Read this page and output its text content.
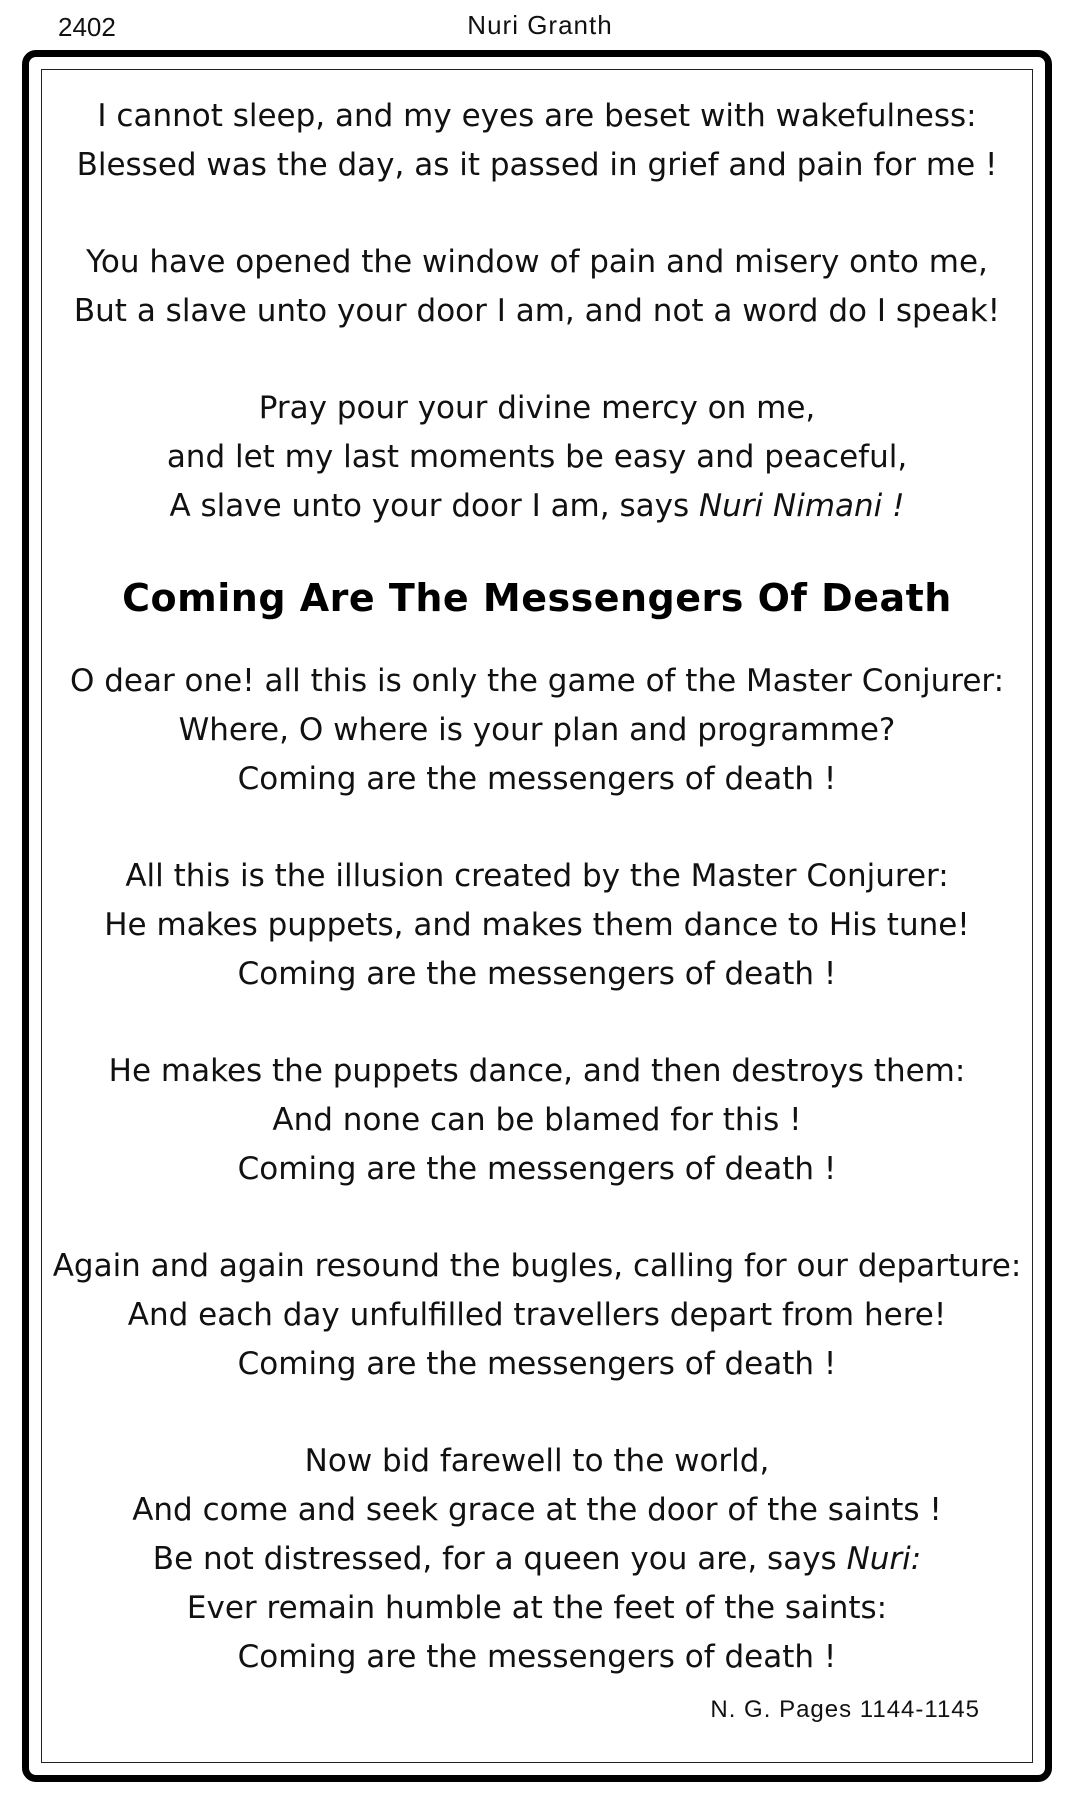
2402	Nuri Granth
I cannot sleep, and my eyes are beset with wakefulness:
Blessed was the day, as it passed in grief and pain for me !
You have opened the window of pain and misery onto me,
But a slave unto your door I am, and not a word do I speak!
Pray pour your divine mercy on me,
and let my last moments be easy and peaceful,
A slave unto your door I am, says Nuri Nimani !
Coming Are The Messengers Of Death
O dear one! all this is only the game of the Master Conjurer:
Where, O where is your plan and programme?
Coming are the messengers of death !
All this is the illusion created by the Master Conjurer:
He makes puppets, and makes them dance to His tune!
Coming are the messengers of death !
He makes the puppets dance, and then destroys them:
And none can be blamed for this !
Coming are the messengers of death !
Again and again resound the bugles, calling for our departure:
And each day unfulfilled travellers depart from here!
Coming are the messengers of death !
Now bid farewell to the world,
And come and seek grace at the door of the saints !
Be not distressed, for a queen you are, says Nuri:
Ever remain humble at the feet of the saints:
Coming are the messengers of death !
N. G. Pages 1144-1145
